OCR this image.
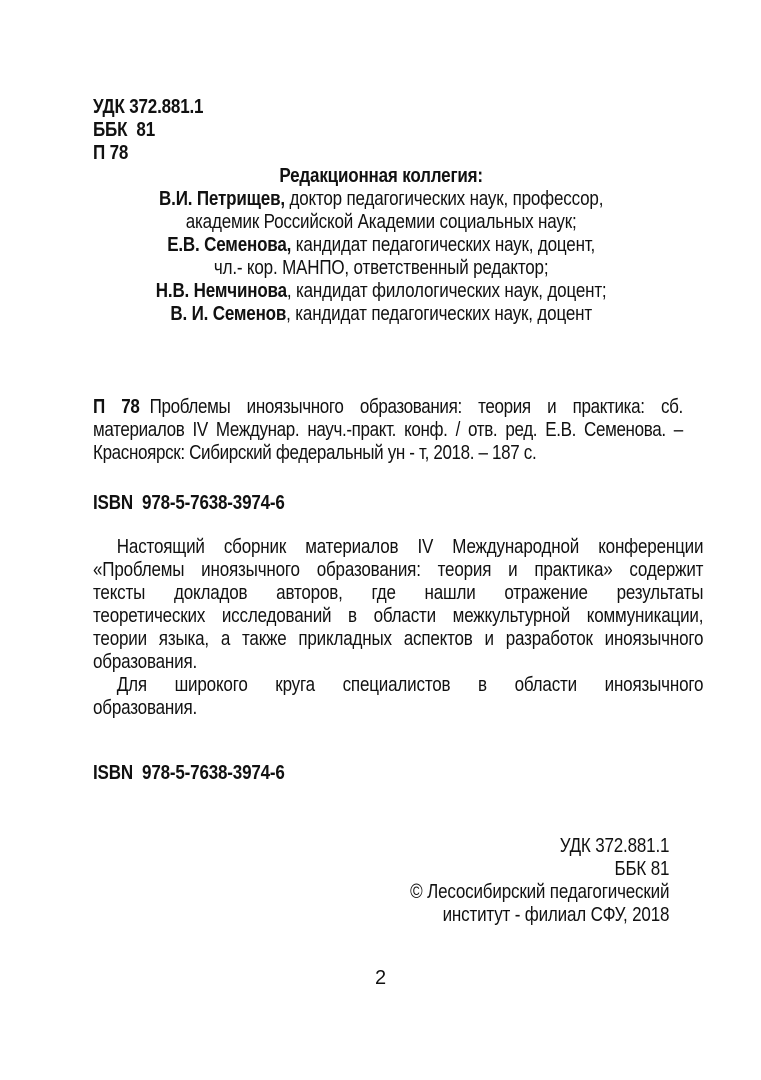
УДК 372.881.1
ББК  81
П 78
Редакционная коллегия:
В.И. Петрищев, доктор педагогических наук, профессор,
академик Российской Академии социальных наук;
Е.В. Семенова, кандидат педагогических наук, доцент,
чл.- кор. МАНПО, ответственный редактор;
Н.В. Немчинова, кандидат филологических наук, доцент;
В. И. Семенов, кандидат педагогических наук, доцент
П 78 Проблемы иноязычного образования: теория и практика: сб.
материалов IV Междунар. науч.-практ. конф. / отв. ред. Е.В. Семенова. –
Красноярск: Сибирский федеральный ун - т, 2018. – 187 с.
ISBN  978-5-7638-3974-6
Настоящий сборник материалов IV Международной конференции
«Проблемы иноязычного образования: теория и практика» содержит
тексты докладов авторов, где нашли отражение результаты
теоретических исследований в области межкультурной коммуникации,
теории языка, а также прикладных аспектов и разработок иноязычного
образования.
Для широкого круга специалистов в области иноязычного
образования.
ISBN  978-5-7638-3974-6
УДК 372.881.1
ББК 81
© Лесосибирский педагогический
институт - филиал СФУ, 2018
2
